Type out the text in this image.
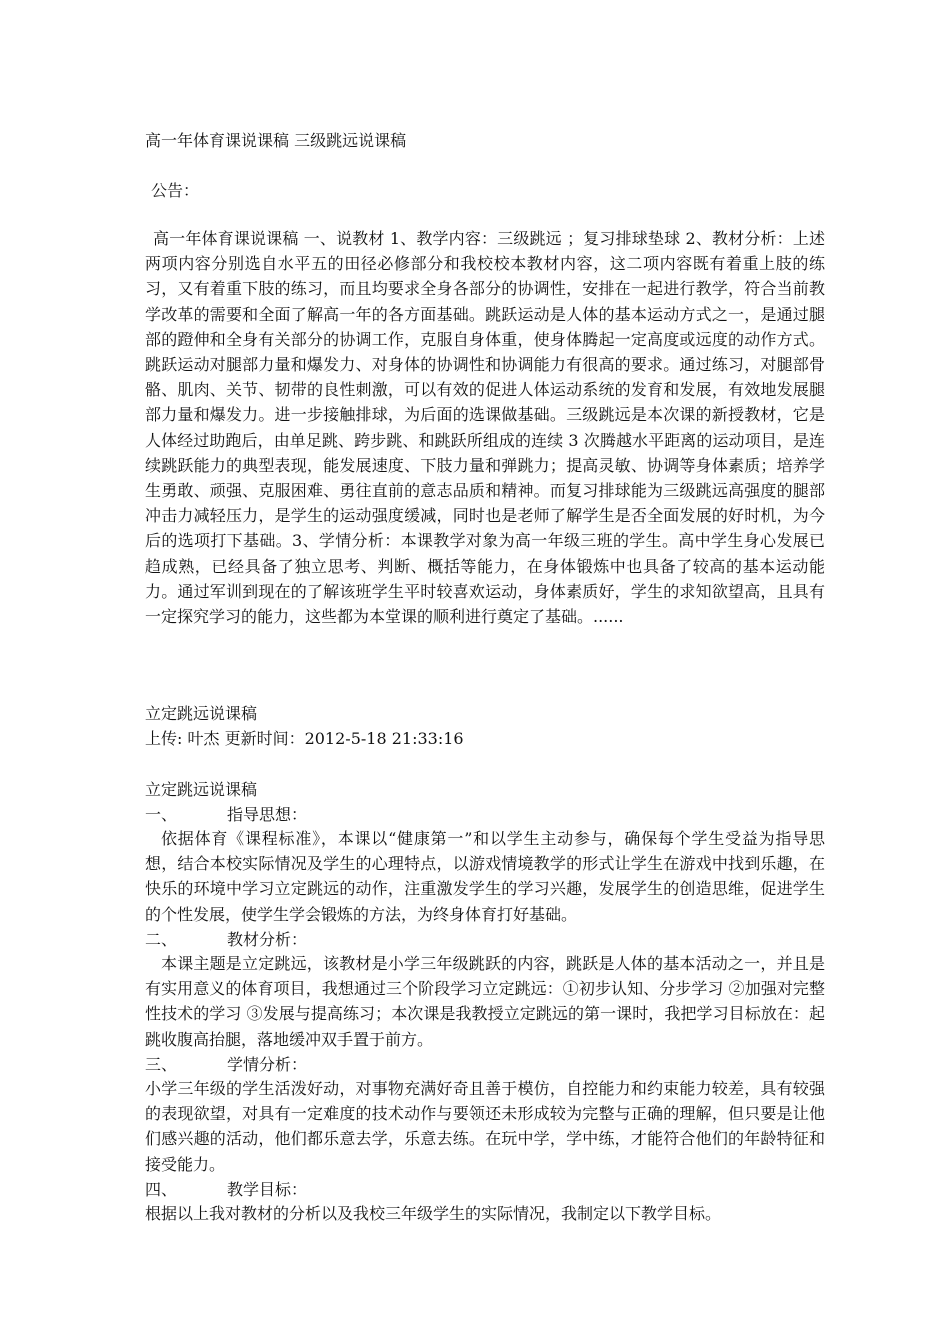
高一年体育课说课稿 三级跳远说课稿
公告：
高一年体育课说课稿 一、说教材 1、教学内容：三级跳远 ；复习排球垫球 2、教材分析：上述两项内容分别选自水平五的田径必修部分和我校校本教材内容，这二项内容既有着重上肢的练习，又有着重下肢的练习，而且均要求全身各部分的协调性，安排在一起进行教学，符合当前教学改革的需要和全面了解高一年的各方面基础。跳跃运动是人体的基本运动方式之一，是通过腿部的蹬伸和全身有关部分的协调工作，克服自身体重，使身体腾起一定高度或远度的动作方式。跳跃运动对腿部力量和爆发力、对身体的协调性和协调能力有很高的要求。通过练习，对腿部骨骼、肌肉、关节、韧带的良性刺激，可以有效的促进人体运动系统的发育和发展，有效地发展腿部力量和爆发力。进一步接触排球，为后面的选课做基础。三级跳远是本次课的新授教材，它是人体经过助跑后，由单足跳、跨步跳、和跳跃所组成的连续 3 次腾越水平距离的运动项目，是连续跳跃能力的典型表现，能发展速度、下肢力量和弹跳力；提高灵敏、协调等身体素质；培养学生勇敢、顽强、克服困难、勇往直前的意志品质和精神。而复习排球能为三级跳远高强度的腿部冲击力减轻压力，是学生的运动强度缓减，同时也是老师了解学生是否全面发展的好时机，为今后的选项打下基础。3、学情分析：本课教学对象为高一年级三班的学生。高中学生身心发展已趋成熟，已经具备了独立思考、判断、概括等能力，在身体锻炼中也具备了较高的基本运动能力。通过军训到现在的了解该班学生平时较喜欢运动，身体素质好，学生的求知欲望高，且具有一定探究学习的能力，这些都为本堂课的顺利进行奠定了基础。......
立定跳远说课稿
上传: 叶杰 更新时间：2012-5-18 21:33:16
立定跳远说课稿
一、	指导思想：
依据体育《课程标准》，本课以“健康第一”和以学生主动参与，确保每个学生受益为指导思想，结合本校实际情况及学生的心理特点，以游戏情境教学的形式让学生在游戏中找到乐趣，在快乐的环境中学习立定跳远的动作，注重激发学生的学习兴趣，发展学生的创造思维，促进学生的个性发展，使学生学会锻炼的方法，为终身体育打好基础。
二、	教材分析：
本课主题是立定跳远，该教材是小学三年级跳跃的内容，跳跃是人体的基本活动之一，并且是有实用意义的体育项目，我想通过三个阶段学习立定跳远：①初步认知、分步学习 ②加强对完整性技术的学习 ③发展与提高练习；本次课是我教授立定跳远的第一课时，我把学习目标放在：起跳收腹高抬腿，落地缓冲双手置于前方。
三、	学情分析：
小学三年级的学生活泼好动，对事物充满好奇且善于模仿，自控能力和约束能力较差，具有较强的表现欲望，对具有一定难度的技术动作与要领还未形成较为完整与正确的理解，但只要是让他们感兴趣的活动，他们都乐意去学，乐意去练。在玩中学，学中练，才能符合他们的年龄特征和接受能力。
四、	教学目标：
根据以上我对教材的分析以及我校三年级学生的实际情况，我制定以下教学目标。
